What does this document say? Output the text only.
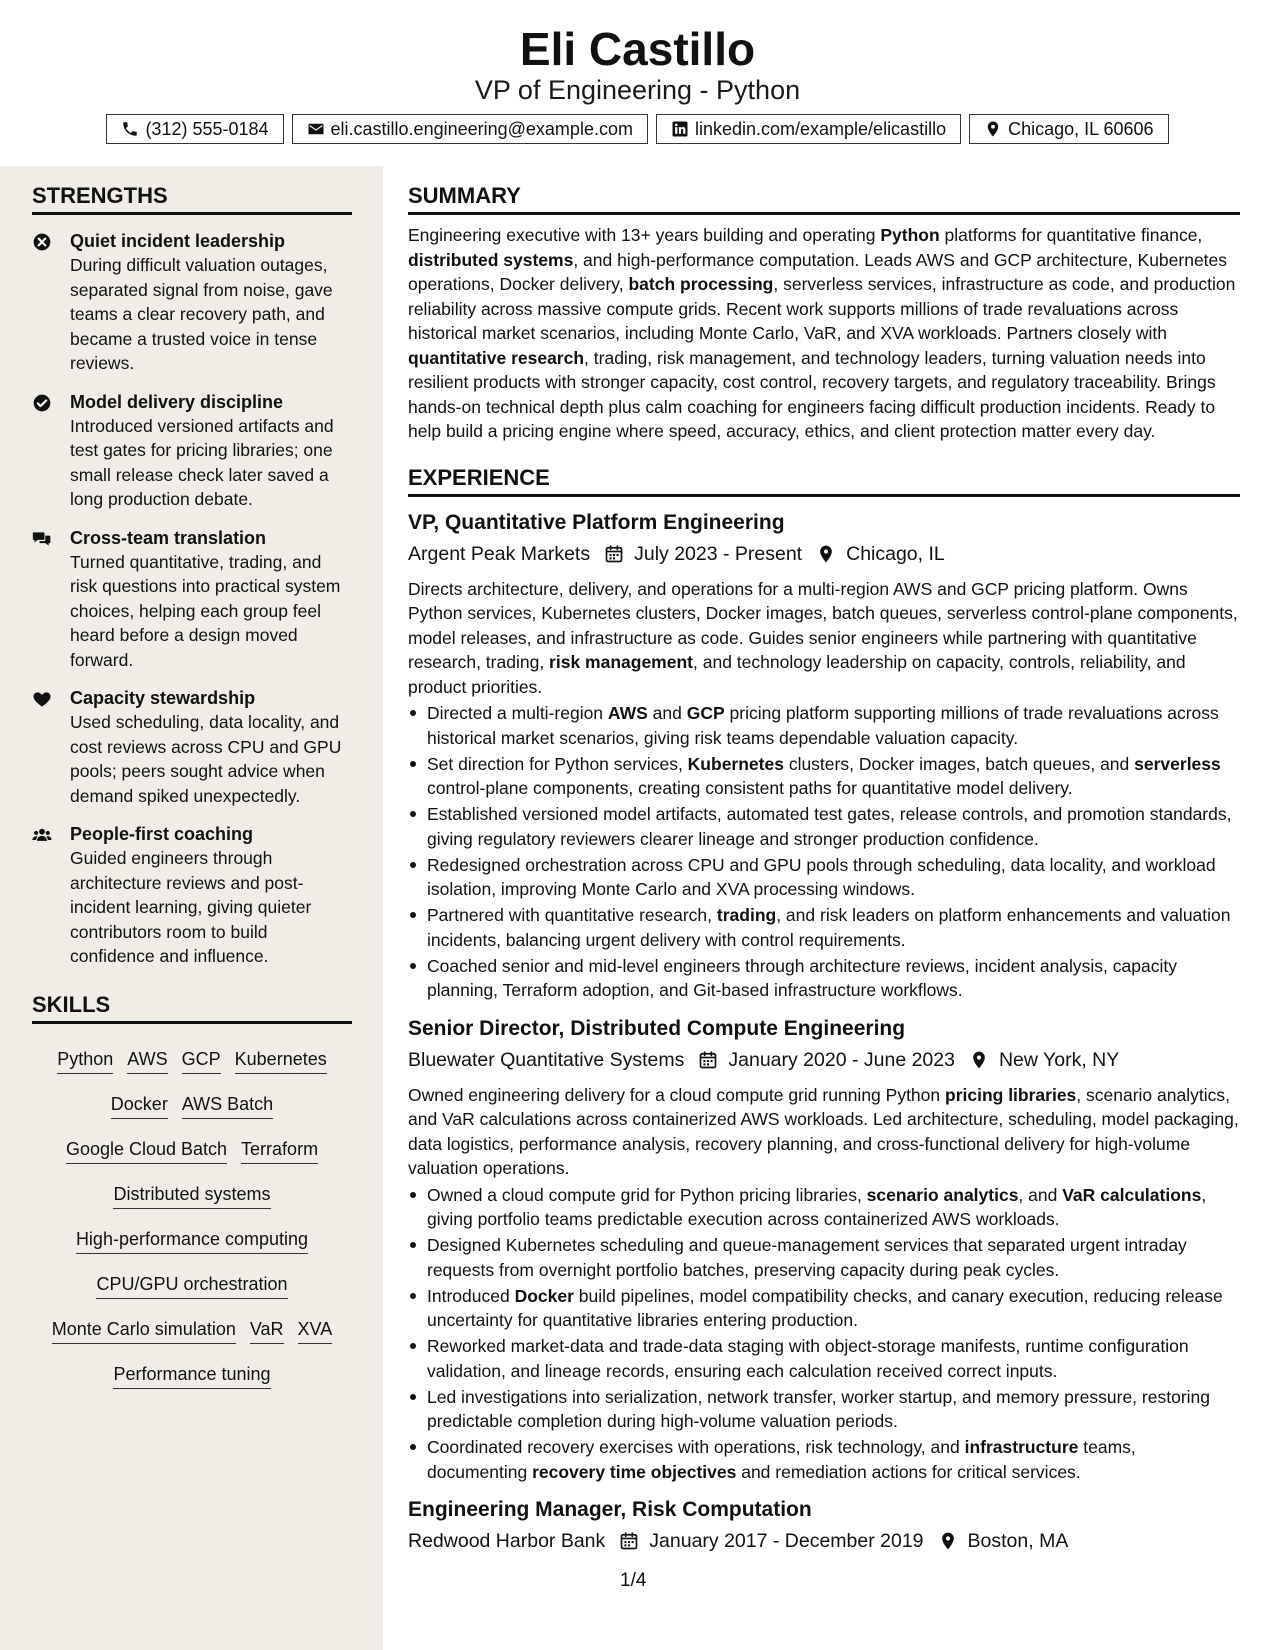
Eli Castillo
VP of Engineering - Python
(312) 555-0184	eli.castillo.engineering@example.com	linkedin.com/example/elicastillo	Chicago, IL 60606
STRENGTHS
Quiet incident leadership
During difficult valuation outages, separated signal from noise, gave teams a clear recovery path, and became a trusted voice in tense reviews.
Model delivery discipline
Introduced versioned artifacts and test gates for pricing libraries; one small release check later saved a long production debate.
Cross-team translation
Turned quantitative, trading, and risk questions into practical system choices, helping each group feel heard before a design moved forward.
Capacity stewardship
Used scheduling, data locality, and cost reviews across CPU and GPU pools; peers sought advice when demand spiked unexpectedly.
People-first coaching
Guided engineers through architecture reviews and post-incident learning, giving quieter contributors room to build confidence and influence.
SKILLS
Python AWS GCP Kubernetes
Docker AWS Batch
Google Cloud Batch Terraform
Distributed systems
High-performance computing
CPU/GPU orchestration
Monte Carlo simulation VaR XVA
Performance tuning
SUMMARY
Engineering executive with 13+ years building and operating Python platforms for quantitative finance, distributed systems, and high-performance computation. Leads AWS and GCP architecture, Kubernetes operations, Docker delivery, batch processing, serverless services, infrastructure as code, and production reliability across massive compute grids. Recent work supports millions of trade revaluations across historical market scenarios, including Monte Carlo, VaR, and XVA workloads. Partners closely with quantitative research, trading, risk management, and technology leaders, turning valuation needs into resilient products with stronger capacity, cost control, recovery targets, and regulatory traceability. Brings hands-on technical depth plus calm coaching for engineers facing difficult production incidents. Ready to help build a pricing engine where speed, accuracy, ethics, and client protection matter every day.
EXPERIENCE
VP, Quantitative Platform Engineering
Argent Peak Markets July 2023 - Present Chicago, IL
Directs architecture, delivery, and operations for a multi-region AWS and GCP pricing platform. Owns Python services, Kubernetes clusters, Docker images, batch queues, serverless control-plane components, model releases, and infrastructure as code. Guides senior engineers while partnering with quantitative research, trading, risk management, and technology leadership on capacity, controls, reliability, and product priorities.
Directed a multi-region AWS and GCP pricing platform supporting millions of trade revaluations across historical market scenarios, giving risk teams dependable valuation capacity.
Set direction for Python services, Kubernetes clusters, Docker images, batch queues, and serverless control-plane components, creating consistent paths for quantitative model delivery.
Established versioned model artifacts, automated test gates, release controls, and promotion standards, giving regulatory reviewers clearer lineage and stronger production confidence.
Redesigned orchestration across CPU and GPU pools through scheduling, data locality, and workload isolation, improving Monte Carlo and XVA processing windows.
Partnered with quantitative research, trading, and risk leaders on platform enhancements and valuation incidents, balancing urgent delivery with control requirements.
Coached senior and mid-level engineers through architecture reviews, incident analysis, capacity planning, Terraform adoption, and Git-based infrastructure workflows.
Senior Director, Distributed Compute Engineering
Bluewater Quantitative Systems January 2020 - June 2023 New York, NY
Owned engineering delivery for a cloud compute grid running Python pricing libraries, scenario analytics, and VaR calculations across containerized AWS workloads. Led architecture, scheduling, model packaging, data logistics, performance analysis, recovery planning, and cross-functional delivery for high-volume valuation operations.
Owned a cloud compute grid for Python pricing libraries, scenario analytics, and VaR calculations, giving portfolio teams predictable execution across containerized AWS workloads.
Designed Kubernetes scheduling and queue-management services that separated urgent intraday requests from overnight portfolio batches, preserving capacity during peak cycles.
Introduced Docker build pipelines, model compatibility checks, and canary execution, reducing release uncertainty for quantitative libraries entering production.
Reworked market-data and trade-data staging with object-storage manifests, runtime configuration validation, and lineage records, ensuring each calculation received correct inputs.
Led investigations into serialization, network transfer, worker startup, and memory pressure, restoring predictable completion during high-volume valuation periods.
Coordinated recovery exercises with operations, risk technology, and infrastructure teams, documenting recovery time objectives and remediation actions for critical services.
Engineering Manager, Risk Computation
Redwood Harbor Bank January 2017 - December 2019 Boston, MA
1/4
